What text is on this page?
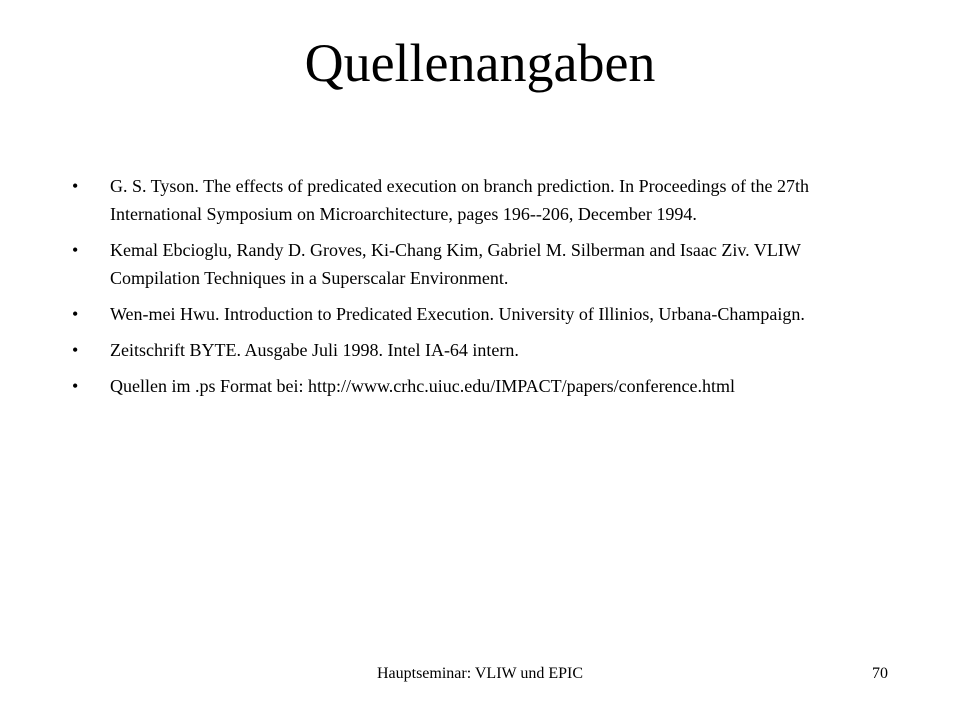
Quellenangaben
• G. S. Tyson. The effects of predicated execution on branch prediction. In Proceedings of the 27th International Symposium on Microarchitecture, pages 196--206, December 1994.
• Kemal Ebcioglu, Randy D. Groves, Ki-Chang Kim, Gabriel M. Silberman and Isaac Ziv. VLIW Compilation Techniques in a Superscalar Environment.
• Wen-mei Hwu. Introduction to Predicated Execution. University of Illinios, Urbana-Champaign.
• Zeitschrift BYTE. Ausgabe Juli 1998. Intel IA-64 intern.
• Quellen im .ps Format bei: http://www.crhc.uiuc.edu/IMPACT/papers/conference.html
Hauptseminar: VLIW und EPIC	70
